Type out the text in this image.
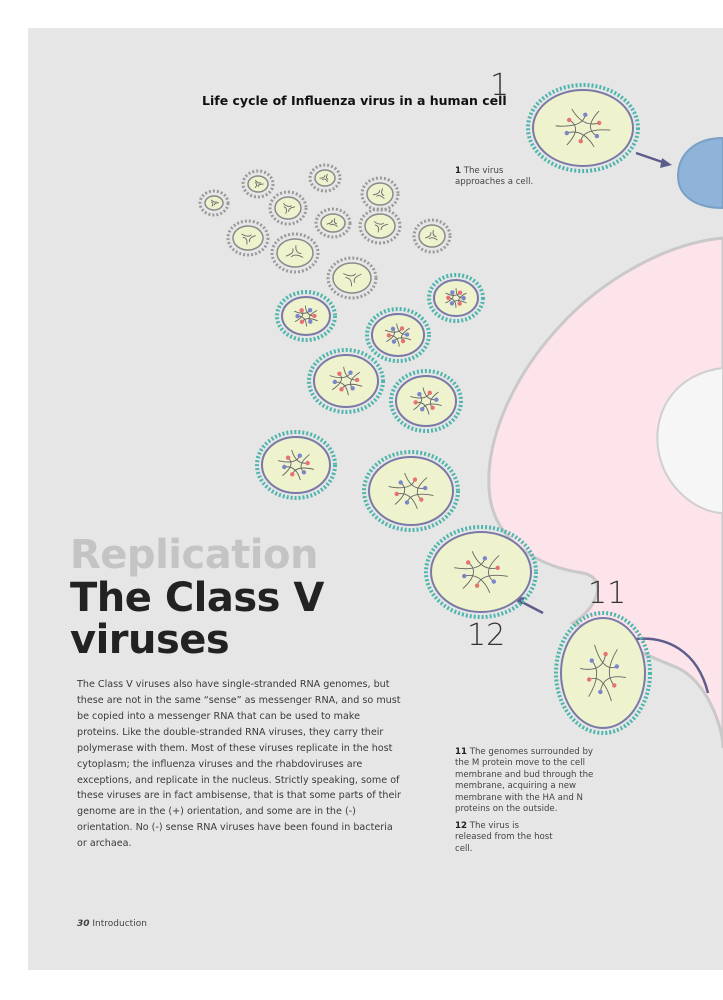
Life cycle of Influenza virus in a human cell
1
1 The virus approaches a cell.
11
12
11 The genomes surrounded by the M protein move to the cell membrane and bud through the membrane, acquiring a new membrane with the HA and N proteins on the outside.
12 The virus is released from the host cell.
Replication
The Class V viruses
The Class V viruses also have single-stranded RNA genomes, but these are not in the same “sense” as messenger RNA, and so must be copied into a messenger RNA that can be used to make proteins. Like the double-stranded RNA viruses, they carry their polymerase with them. Most of these viruses replicate in the host cytoplasm; the influenza viruses and the rhabdoviruses are exceptions, and replicate in the nucleus. Strictly speaking, some of these viruses are in fact ambisense, that is that some parts of their genome are in the (+) orientation, and some are in the (-) orientation. No (-) sense RNA viruses have been found in bacteria or archaea.
30 Introduction
